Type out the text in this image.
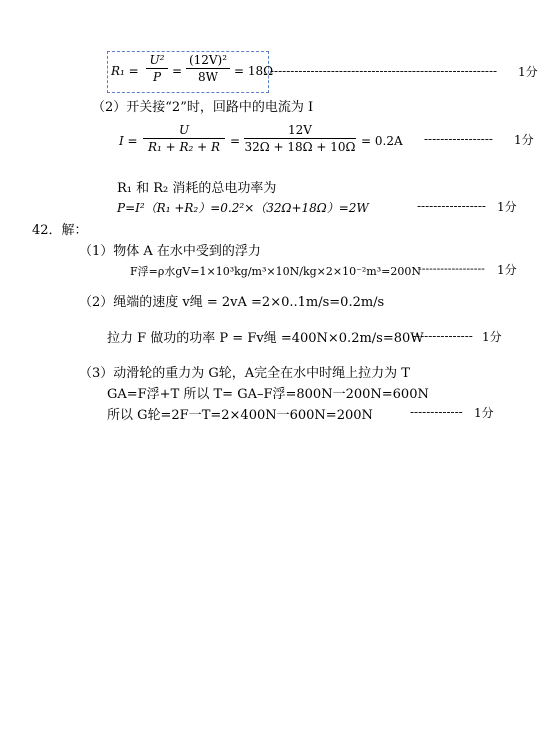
R₁ =
U²
P =
(12V)²
8W	= 18Ω
--------------------------------------------------------	1分
（2）开关接“2”时，回路中的电流为 I
I =
U
R₁ + R₂ + R =
12V
32Ω + 18Ω + 10Ω = 0.2A -----------------	1分
R₁ 和 R₂ 消耗的总电功率为
P=I²（R₁ +R₂）=0.2²×（32Ω+18Ω）=2W	----------------- 1分
42．解：
（1）物体 A 在水中受到的浮力
F浮=ρ水gV=1×10³kg/m³×10N/kg×2×10⁻²m³=200N
------------------	1分
（2）绳端的速度 v绳 = 2vA =2×0..1m/s=0.2m/s
拉力 F 做功的功率 P = Fv绳 =400N×0.2m/s=80W
--------------- 1分
（3）动滑轮的重力为 G轮，A完全在水中时绳上拉力为 T
GA=F浮+T 所以 T= GA–F浮=800N一200N=600N
所以 G轮=2F一T=2×400N一600N=200N	------------- 1分
